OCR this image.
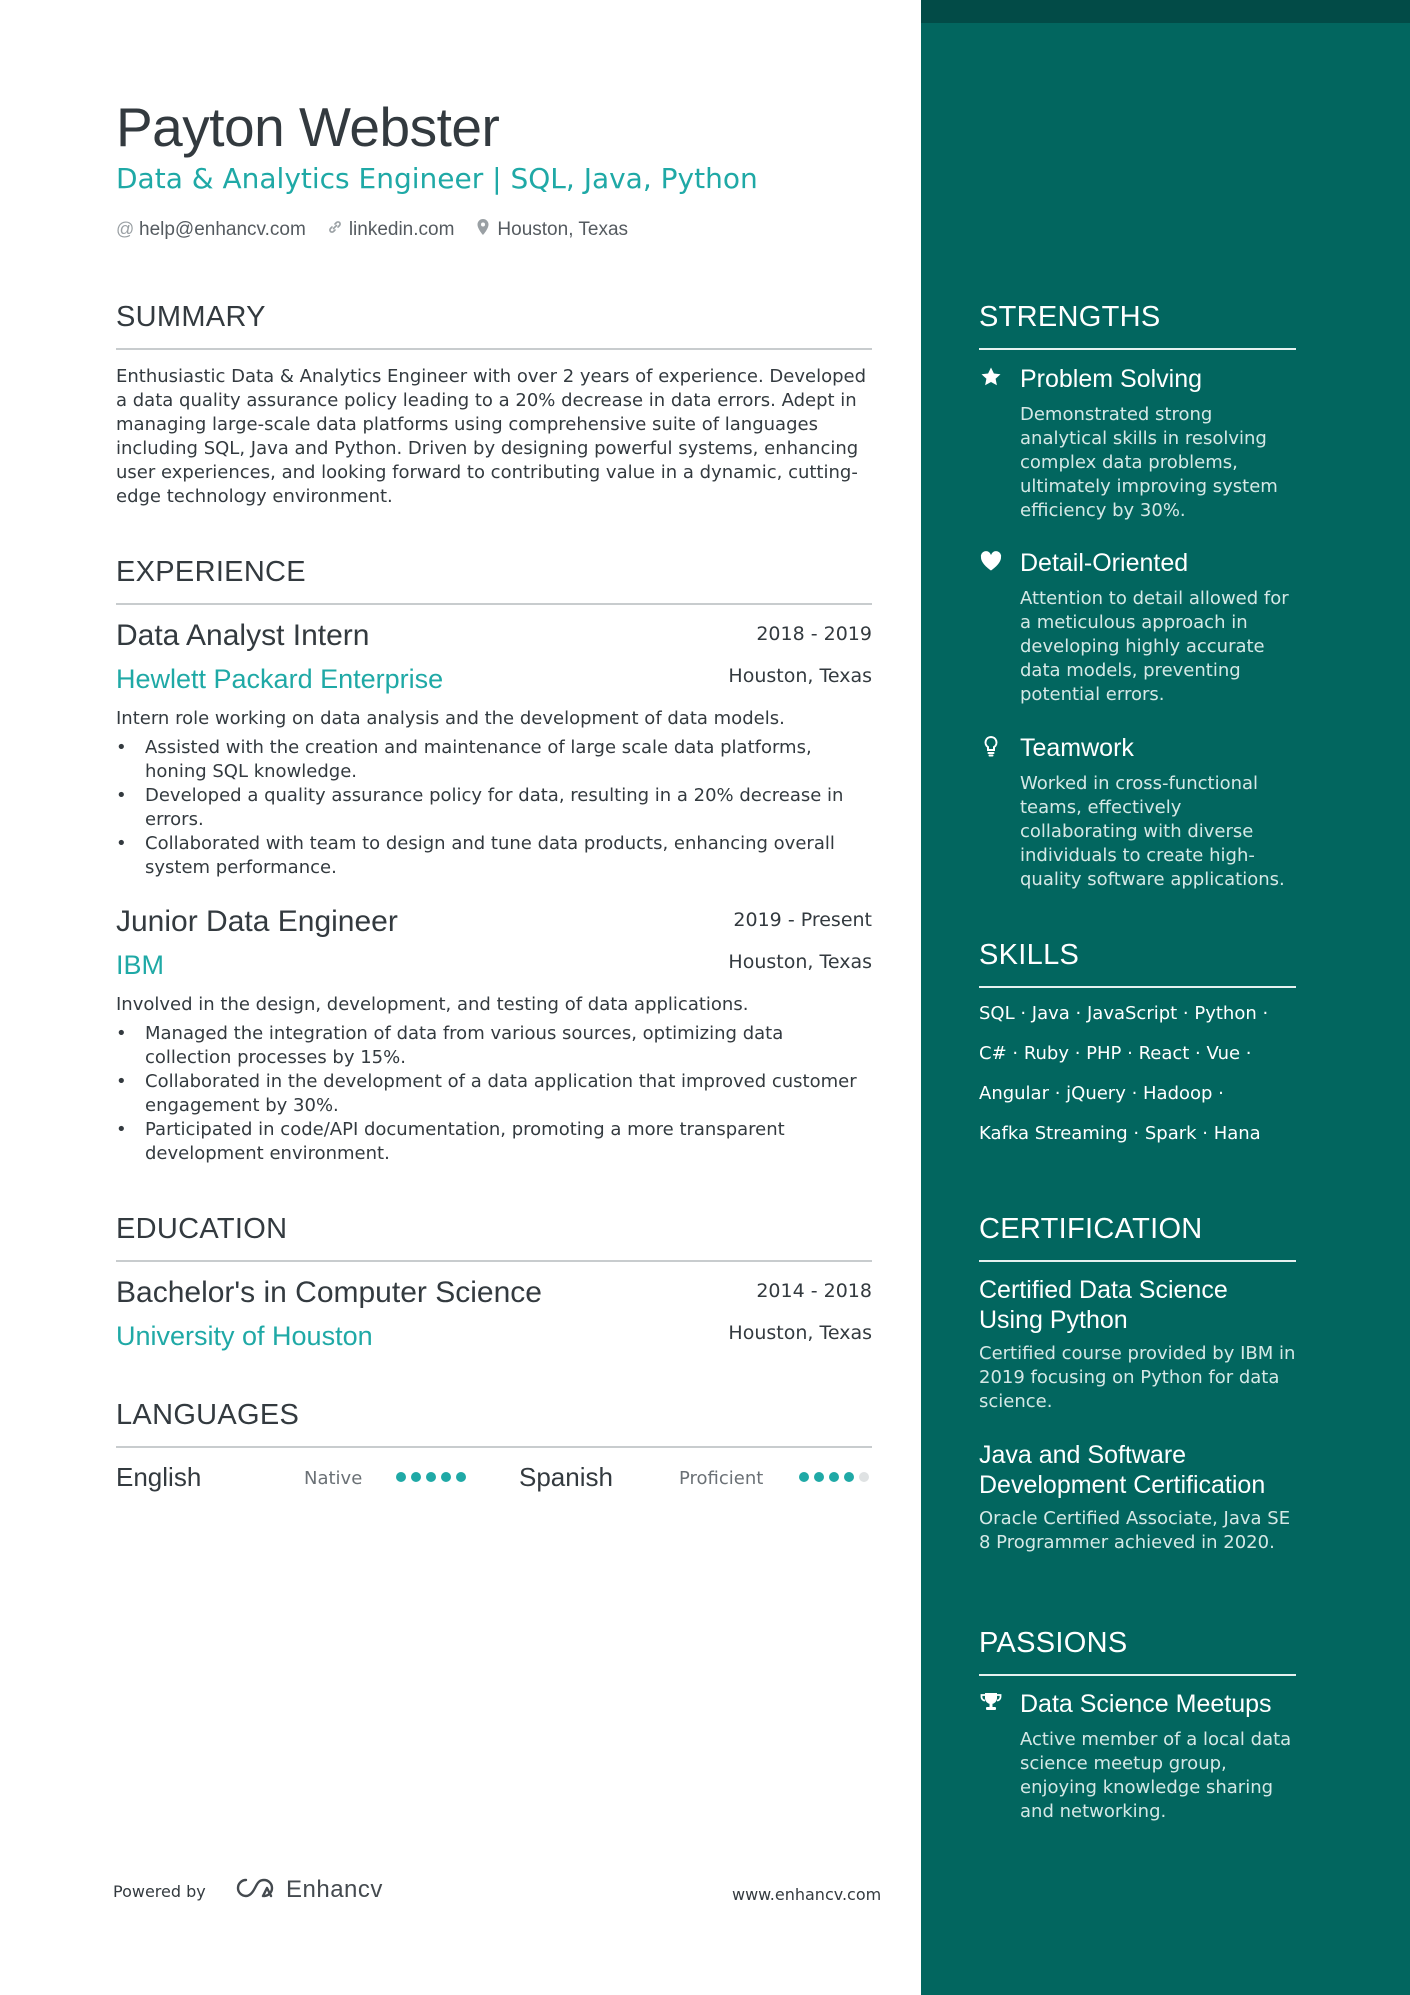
Payton Webster
Data & Analytics Engineer | SQL, Java, Python
@ help@enhancv.com linkedin.com Houston, Texas
SUMMARY
Enthusiastic Data & Analytics Engineer with over 2 years of experience. Developed a data quality assurance policy leading to a 20% decrease in data errors. Adept in managing large-scale data platforms using comprehensive suite of languages including SQL, Java and Python. Driven by designing powerful systems, enhancing user experiences, and looking forward to contributing value in a dynamic, cutting-edge technology environment.
EXPERIENCE
Data Analyst Intern	2018 - 2019
Hewlett Packard Enterprise	Houston, Texas
Intern role working on data analysis and the development of data models.
• Assisted with the creation and maintenance of large scale data platforms, honing SQL knowledge.
• Developed a quality assurance policy for data, resulting in a 20% decrease in errors.
• Collaborated with team to design and tune data products, enhancing overall system performance.
Junior Data Engineer	2019 - Present
IBM	Houston, Texas
Involved in the design, development, and testing of data applications.
• Managed the integration of data from various sources, optimizing data collection processes by 15%.
• Collaborated in the development of a data application that improved customer engagement by 30%.
• Participated in code/API documentation, promoting a more transparent development environment.
EDUCATION
Bachelor's in Computer Science	2014 - 2018
University of Houston	Houston, Texas
LANGUAGES
English	Native	Spanish	Proficient
Powered by	Enhancv	www.enhancv.com
STRENGTHS
Problem Solving
Demonstrated strong analytical skills in resolving complex data problems, ultimately improving system efficiency by 30%.
Detail-Oriented
Attention to detail allowed for a meticulous approach in developing highly accurate data models, preventing potential errors.
Teamwork
Worked in cross-functional teams, effectively collaborating with diverse individuals to create high-quality software applications.
SKILLS
SQL · Java · JavaScript · Python ·
C# · Ruby · PHP · React · Vue ·
Angular · jQuery · Hadoop ·
Kafka Streaming · Spark · Hana
CERTIFICATION
Certified Data Science Using Python
Certified course provided by IBM in 2019 focusing on Python for data science.
Java and Software Development Certification
Oracle Certified Associate, Java SE 8 Programmer achieved in 2020.
PASSIONS
Data Science Meetups
Active member of a local data science meetup group, enjoying knowledge sharing and networking.
